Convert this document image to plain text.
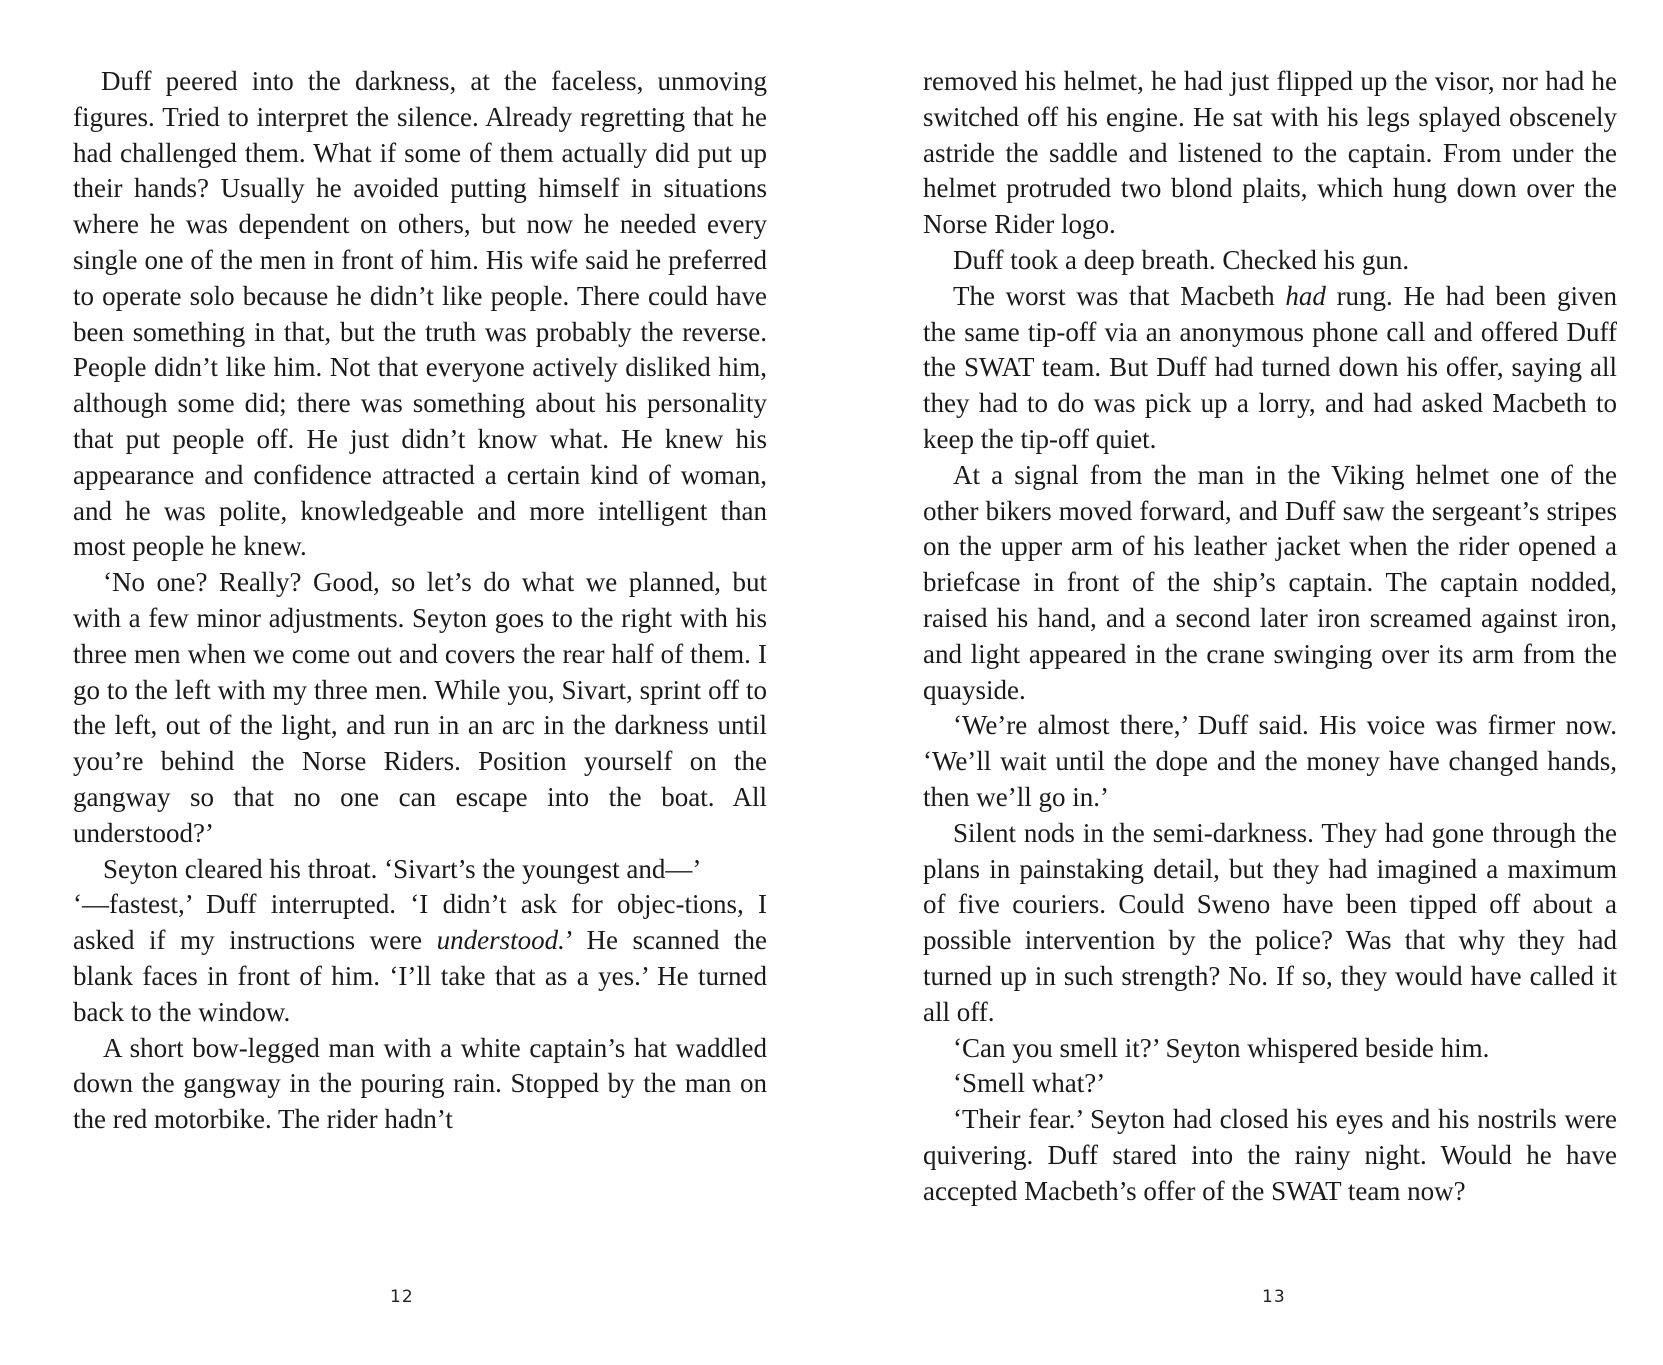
Duff peered into the darkness, at the faceless, unmoving figures. Tried to interpret the silence. Already regretting that he had challenged them. What if some of them actually did put up their hands? Usually he avoided putting himself in situations where he was dependent on others, but now he needed every single one of the men in front of him. His wife said he preferred to operate solo because he didn’t like people. There could have been something in that, but the truth was probably the reverse. People didn’t like him. Not that everyone actively disliked him, although some did; there was something about his personality that put people off. He just didn’t know what. He knew his appearance and confidence attracted a certain kind of woman, and he was polite, knowledgeable and more intelligent than most people he knew.

‘No one? Really? Good, so let’s do what we planned, but with a few minor adjustments. Seyton goes to the right with his three men when we come out and covers the rear half of them. I go to the left with my three men. While you, Sivart, sprint off to the left, out of the light, and run in an arc in the darkness until you’re behind the Norse Riders. Position yourself on the gangway so that no one can escape into the boat. All understood?’

Seyton cleared his throat. ‘Sivart’s the youngest and—’

‘—fastest,’ Duff interrupted. ‘I didn’t ask for objec-tions, I asked if my instructions were understood.’ He scanned the blank faces in front of him. ‘I’ll take that as a yes.’ He turned back to the window.

A short bow-legged man with a white captain’s hat waddled down the gangway in the pouring rain. Stopped by the man on the red motorbike. The rider hadn’t

removed his helmet, he had just flipped up the visor, nor had he switched off his engine. He sat with his legs splayed obscenely astride the saddle and listened to the captain. From under the helmet protruded two blond plaits, which hung down over the Norse Rider logo.

Duff took a deep breath. Checked his gun.

The worst was that Macbeth had rung. He had been given the same tip-off via an anonymous phone call and offered Duff the SWAT team. But Duff had turned down his offer, saying all they had to do was pick up a lorry, and had asked Macbeth to keep the tip-off quiet.

At a signal from the man in the Viking helmet one of the other bikers moved forward, and Duff saw the sergeant’s stripes on the upper arm of his leather jacket when the rider opened a briefcase in front of the ship’s captain. The captain nodded, raised his hand, and a second later iron screamed against iron, and light appeared in the crane swinging over its arm from the quayside.

‘We’re almost there,’ Duff said. His voice was firmer now. ‘We’ll wait until the dope and the money have changed hands, then we’ll go in.’

Silent nods in the semi-darkness. They had gone through the plans in painstaking detail, but they had imagined a maximum of five couriers. Could Sweno have been tipped off about a possible intervention by the police? Was that why they had turned up in such strength? No. If so, they would have called it all off.

‘Can you smell it?’ Seyton whispered beside him.

‘Smell what?’

‘Their fear.’ Seyton had closed his eyes and his nostrils were quivering. Duff stared into the rainy night. Would he have accepted Macbeth’s offer of the SWAT team now?

12	13
